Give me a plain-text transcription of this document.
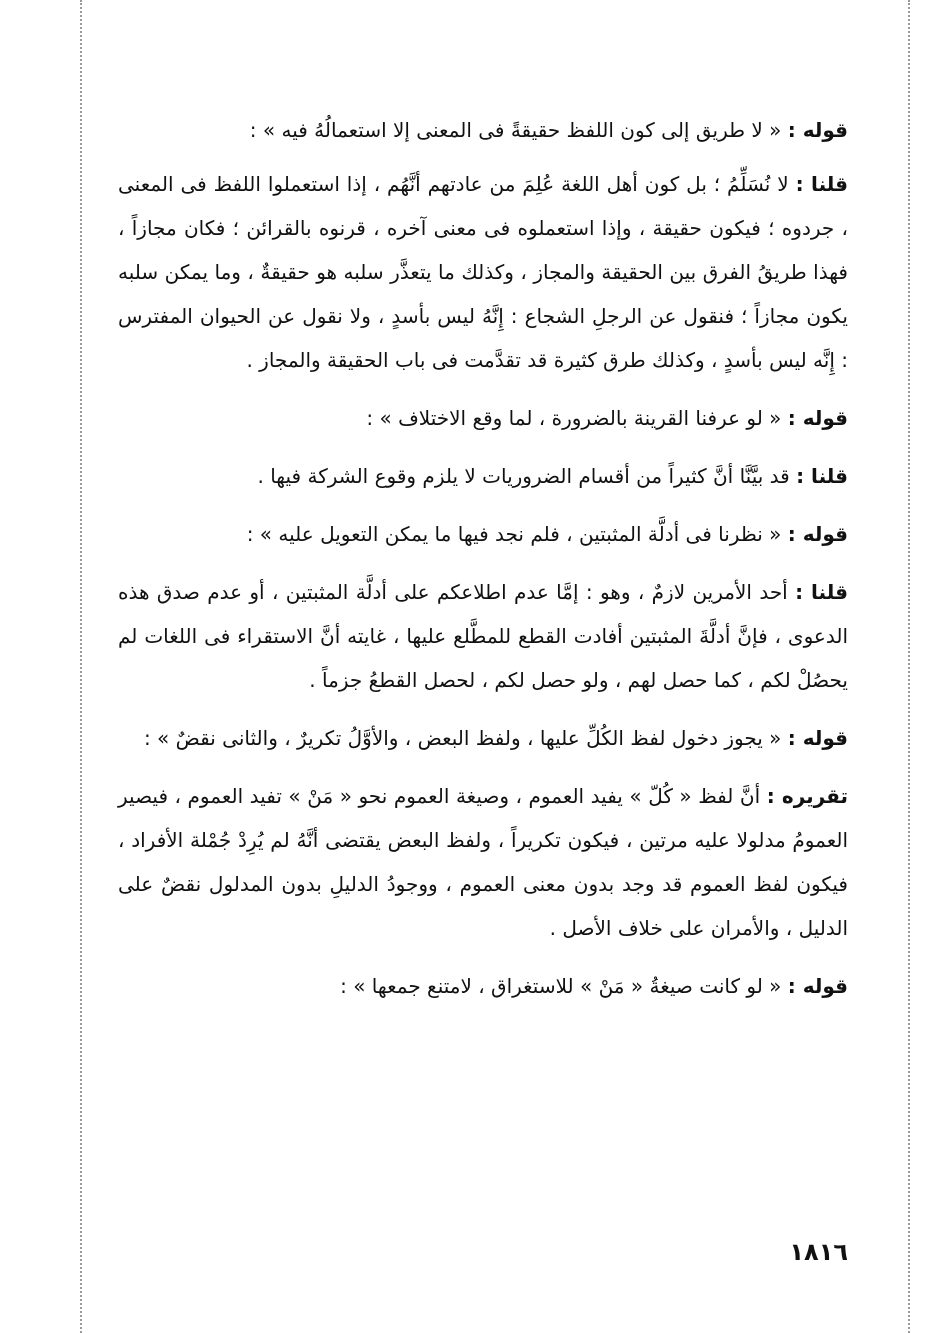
قوله : « لا طريق إلى كون اللفظ حقيقةً فى المعنى إلا استعمالُهُ فيه » :

قلنا : لا نُسَلِّمُ ؛ بل كون أهل اللغة عُلِمَ من عادتهم أنَّهُم ، إذا استعملوا اللفظ فى المعنى ، جردوه ؛ فيكون حقيقة ، وإذا استعملوه فى معنى آخره ، قرنوه بالقرائن ؛ فكان مجازاً ، فهذا طريقُ الفرق بين الحقيقة والمجاز ، وكذلك ما يتعذَّر سلبه هو حقيقةٌ ، وما يمكن سلبه يكون مجازاً ؛ فنقول عن الرجلِ الشجاع : إِنَّهُ ليس بأسدٍ ، ولا نقول عن الحيوان المفترس : إِنَّه ليس بأسدٍ ، وكذلك طرق كثيرة قد تقدَّمت فى باب الحقيقة والمجاز .

قوله : « لو عرفنا القرينة بالضرورة ، لما وقع الاختلاف » :

قلنا : قد بيَّنَّا أنَّ كثيراً من أقسام الضروريات لا يلزم وقوع الشركة فيها .

قوله : « نظرنا فى أدلَّة المثبتين ، فلم نجد فيها ما يمكن التعويل عليه » :

قلنا : أحد الأمرين لازمٌ ، وهو : إمَّا عدم اطلاعكم على أدلَّة المثبتين ، أو عدم صدق هذه الدعوى ، فإنَّ أدلَّةَ المثبتين أفادت القطع للمطَّلع عليها ، غايته أنَّ الاستقراء فى اللغات لم يحصُلْ لكم ، كما حصل لهم ، ولو حصل لكم ، لحصل القطعُ جزماً .

قوله : « يجوز دخول لفظ الكُلِّ عليها ، ولفظ البعض ، والأوَّلُ تكريرٌ ، والثانى نقضٌ » :

تقريره : أنَّ لفظ « كُلّ » يفيد العموم ، وصيغة العموم نحو « مَنْ » تفيد العموم ، فيصير العمومُ مدلولا عليه مرتين ، فيكون تكريراً ، ولفظ البعض يقتضى أنَّهُ لم يُرِدْ جُمْلة الأفراد ، فيكون لفظ العموم قد وجد بدون معنى العموم ، ووجودُ الدليلِ بدون المدلول نقضٌ على الدليل ، والأمران على خلاف الأصل .

قوله : « لو كانت صيغةُ « مَنْ » للاستغراق ، لامتنع جمعها » :

١٨١٦
